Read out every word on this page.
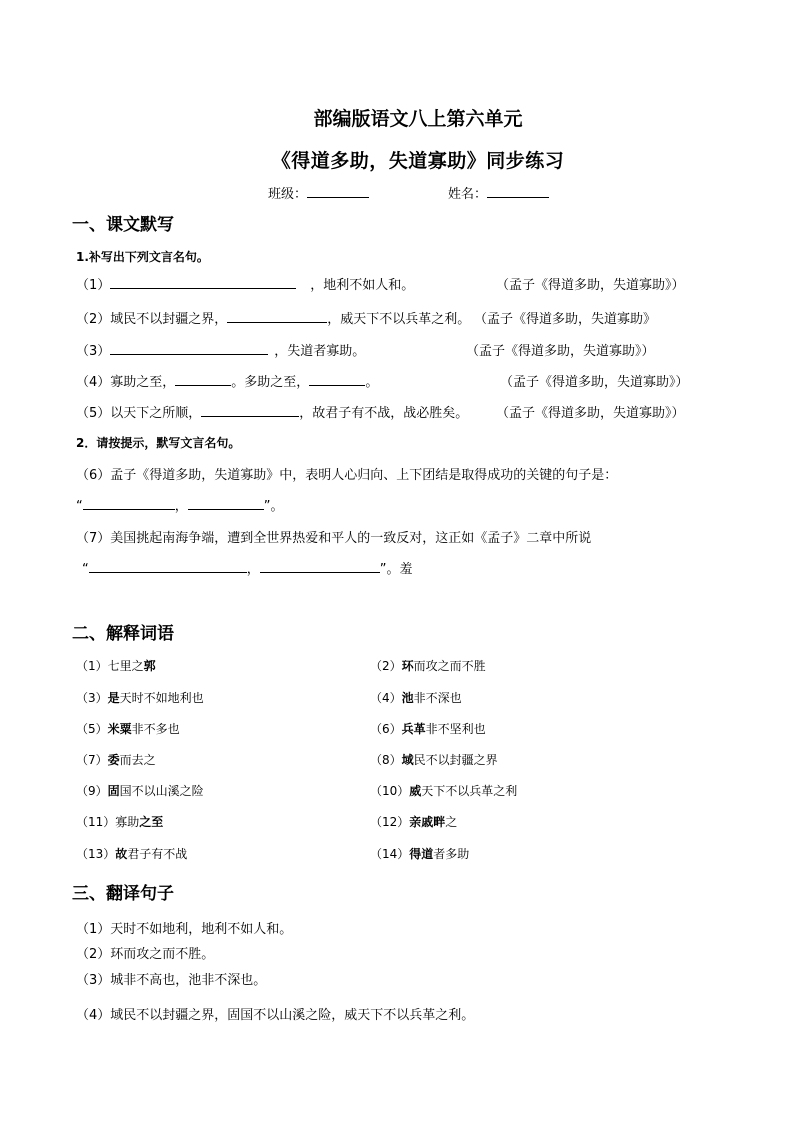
部编版语文八上第六单元
《得道多助，失道寡助》同步练习
班级：	姓名：
一、课文默写
1.补写出下列文言名句。
（1）	，地利不如人和。	（孟子《得道多助，失道寡助》）
（2）域民不以封疆之界，	，威天下不以兵革之利。 （孟子《得道多助，失道寡助》
（3）	，失道者寡助。	（孟子《得道多助，失道寡助》）
（4）寡助之至，	。多助之至，	。	（孟子《得道多助，失道寡助》）
（5）以天下之所顺，	，故君子有不战，战必胜矣。 （孟子《得道多助，失道寡助》）
2．请按提示，默写文言名句。
（6）孟子《得道多助，失道寡助》中，表明人心归向、上下团结是取得成功的关键的句子是：
“	，	”。
（7）美国挑起南海争端，遭到全世界热爱和平人的一致反对，这正如《孟子》二章中所说
“	，	”。羞
二、解释词语
（1）七里之郭	（2）环而攻之而不胜
（3）是天时不如地利也	（4）池非不深也
（5）米粟非不多也	（6）兵革非不坚利也
（7）委而去之	（8）域民不以封疆之界
（9）固国不以山溪之险	（10）威天下不以兵革之利
（11）寡助之至	（12）亲戚畔之
（13）故君子有不战	（14）得道者多助
三、翻译句子
（1）天时不如地利，地利不如人和。
（2）环而攻之而不胜。
（3）城非不高也，池非不深也。
（4）域民不以封疆之界，固国不以山溪之险，威天下不以兵革之利。
